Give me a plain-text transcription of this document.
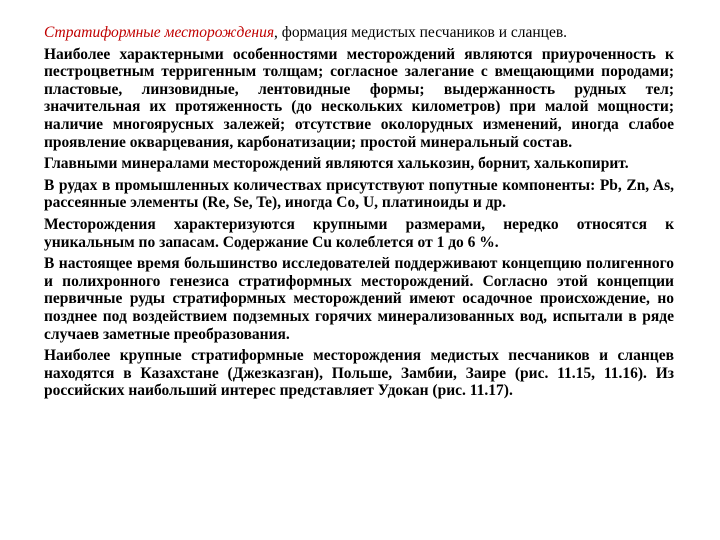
Стратиформные месторождения, формация медистых песчаников и сланцев.

Наиболее характерными особенностями месторождений являются приуроченность к пестроцветным терригенным толщам; согласное залегание с вмещающими породами; пластовые, линзовидные, лентовидные формы; выдержанность рудных тел; значительная их протяженность (до нескольких километров) при малой мощности; наличие многоярусных залежей; отсутствие околорудных изменений, иногда слабое проявление окварцевания, карбонатизации; простой минеральный состав.

Главными минералами месторождений являются халькозин, борнит, халькопирит.

В рудах в промышленных количествах присутствуют попутные компоненты: Pb, Zn, As, рассеянные элементы (Re, Se, Te), иногда Co, U, платиноиды и др.

Месторождения характеризуются крупными размерами, нередко относятся к уникальным по запасам. Содержание Cu колеблется от 1 до 6 %.

В настоящее время большинство исследователей поддерживают концепцию полигенного и полихронного генезиса стратиформных месторождений. Согласно этой концепции первичные руды стратиформных месторождений имеют осадочное происхождение, но позднее под воздействием подземных горячих минерализованных вод, испытали в ряде случаев заметные преобразования.

Наиболее крупные стратиформные месторождения медистых песчаников и сланцев находятся в Казахстане (Джезказган), Польше, Замбии, Заире (рис. 11.15, 11.16). Из российских наибольший интерес представляет Удокан (рис. 11.17).
